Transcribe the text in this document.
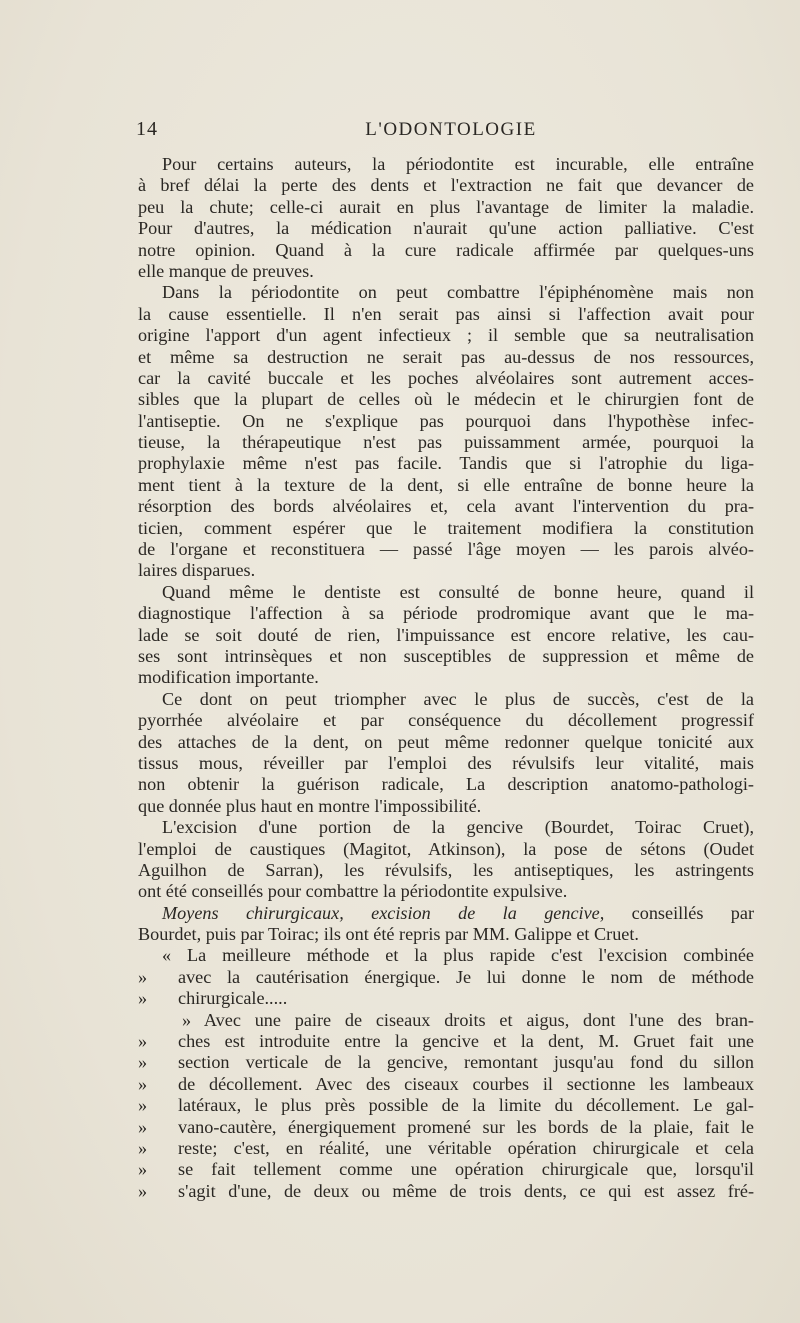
14	L'ODONTOLOGIE
Pour certains auteurs, la périodontite est incurable, elle entraîne
à bref délai la perte des dents et l'extraction ne fait que devancer de
peu la chute; celle-ci aurait en plus l'avantage de limiter la maladie.
Pour d'autres, la médication n'aurait qu'une action palliative. C'est
notre opinion. Quand à la cure radicale affirmée par quelques-uns
elle manque de preuves.
Dans la périodontite on peut combattre l'épiphénomène mais non
la cause essentielle. Il n'en serait pas ainsi si l'affection avait pour
origine l'apport d'un agent infectieux ; il semble que sa neutralisation
et même sa destruction ne serait pas au-dessus de nos ressources,
car la cavité buccale et les poches alvéolaires sont autrement acces-
sibles que la plupart de celles où le médecin et le chirurgien font de
l'antiseptie. On ne s'explique pas pourquoi dans l'hypothèse infec-
tieuse, la thérapeutique n'est pas puissamment armée, pourquoi la
prophylaxie même n'est pas facile. Tandis que si l'atrophie du liga-
ment tient à la texture de la dent, si elle entraîne de bonne heure la
résorption des bords alvéolaires et, cela avant l'intervention du pra-
ticien, comment espérer que le traitement modifiera la constitution
de l'organe et reconstituera — passé l'âge moyen — les parois alvéo-
laires disparues.
Quand même le dentiste est consulté de bonne heure, quand il
diagnostique l'affection à sa période prodromique avant que le ma-
lade se soit douté de rien, l'impuissance est encore relative, les cau-
ses sont intrinsèques et non susceptibles de suppression et même de
modification importante.
Ce dont on peut triompher avec le plus de succès, c'est de la
pyorrhée alvéolaire et par conséquence du décollement progressif
des attaches de la dent, on peut même redonner quelque tonicité aux
tissus mous, réveiller par l'emploi des révulsifs leur vitalité, mais
non obtenir la guérison radicale, La description anatomo-pathologi-
que donnée plus haut en montre l'impossibilité.
L'excision d'une portion de la gencive (Bourdet, Toirac Cruet),
l'emploi de caustiques (Magitot, Atkinson), la pose de sétons (Oudet
Aguilhon de Sarran), les révulsifs, les antiseptiques, les astringents
ont été conseillés pour combattre la périodontite expulsive.
Moyens chirurgicaux, excision de la gencive, conseillés par
Bourdet, puis par Toirac; ils ont été repris par MM. Galippe et Cruet.
« La meilleure méthode et la plus rapide c'est l'excision combinée
» avec la cautérisation énergique. Je lui donne le nom de méthode
» chirurgicale.....
» Avec une paire de ciseaux droits et aigus, dont l'une des bran-
» ches est introduite entre la gencive et la dent, M. Gruet fait une
» section verticale de la gencive, remontant jusqu'au fond du sillon
» de décollement. Avec des ciseaux courbes il sectionne les lambeaux
» latéraux, le plus près possible de la limite du décollement. Le gal-
» vano-cautère, énergiquement promené sur les bords de la plaie, fait le
» reste; c'est, en réalité, une véritable opération chirurgicale et cela
» se fait tellement comme une opération chirurgicale que, lorsqu'il
» s'agit d'une, de deux ou même de trois dents, ce qui est assez fré-
